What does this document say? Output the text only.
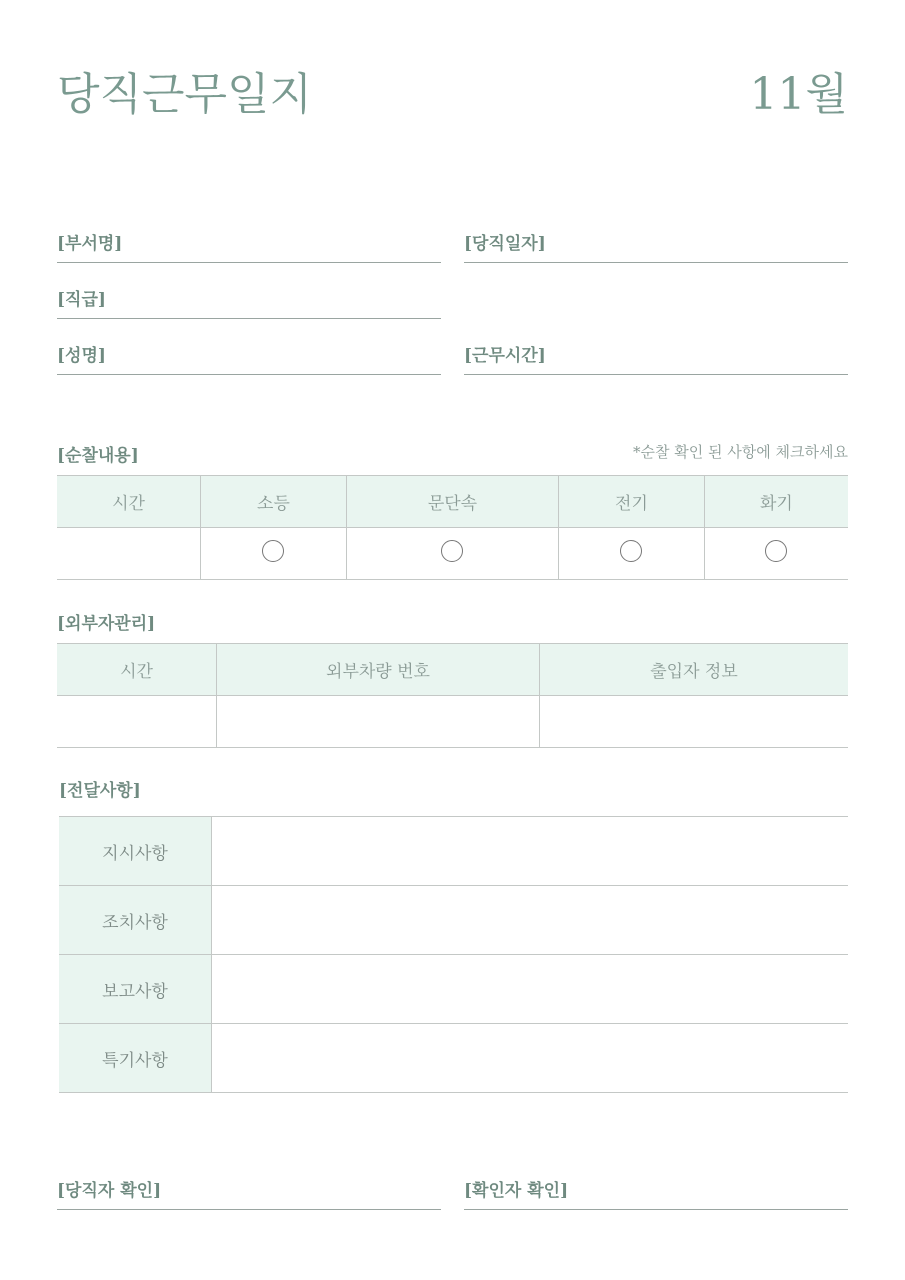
당직근무일지	11월
[부서명]	[당직일자]
[직급]
[성명]	[근무시간]
[순찰내용]	*순찰 확인 된 사항에 체크하세요
시간	소등	문단속	전기	화기

[외부자관리]
시간	외부차량 번호	출입자 정보

[전달사항]
지시사항	
조치사항	
보고사항	
특기사항	
[당직자 확인]	[확인자 확인]
